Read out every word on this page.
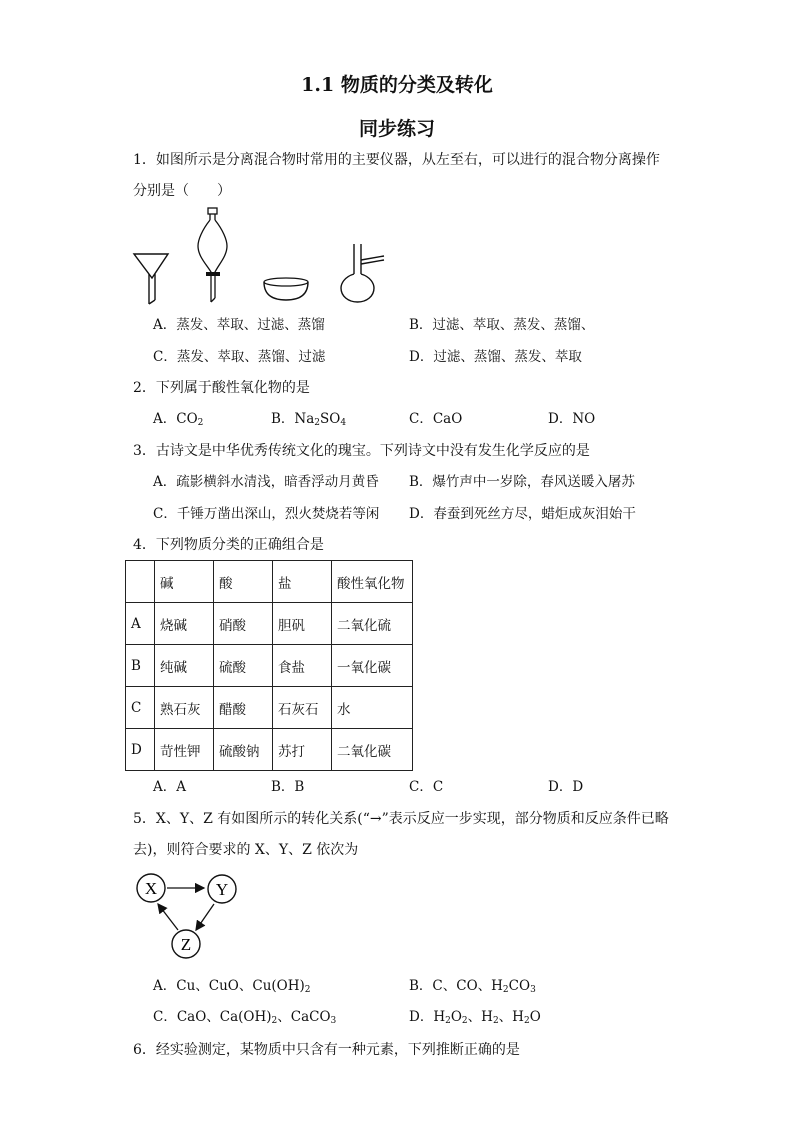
1.1 物质的分类及转化
同步练习
1．如图所示是分离混合物时常用的主要仪器，从左至右，可以进行的混合物分离操作
分别是（　　）
A．蒸发、萃取、过滤、蒸馏	B．过滤、萃取、蒸发、蒸馏、
C．蒸发、萃取、蒸馏、过滤	D．过滤、蒸馏、蒸发、萃取
2．下列属于酸性氧化物的是
A．$CO_2$	B．$Na_2SO_4$	C．CaO	D．NO
3．古诗文是中华优秀传统文化的瑰宝。下列诗文中没有发生化学反应的是
A．疏影横斜水清浅，暗香浮动月黄昏 B．爆竹声中一岁除，春风送暖入屠苏
C．千锤万凿出深山，烈火焚烧若等闲 D．春蚕到死丝方尽，蜡炬成灰泪始干
4．下列物质分类的正确组合是
	碱	酸	盐	酸性氧化物
A	烧碱	硝酸	胆矾	二氧化硫
B	纯碱	硫酸	食盐	一氧化碳
C	熟石灰	醋酸	石灰石	水
D	苛性钾	硫酸钠	苏打	二氧化碳
A．A	B．B	C．C	D．D
5．X、Y、Z 有如图所示的转化关系(“→”表示反应一步实现，部分物质和反应条件已略
去)，则符合要求的 X、Y、Z 依次为
X	Y
Z
A．Cu、CuO、$Cu(OH)_2$	B．C、CO、$H_2CO_3$
C．CaO、$Ca(OH)_2$、CaCO$_3$	D．$H_2O_2$、$H_2$、$H_2O$
6．经实验测定，某物质中只含有一种元素，下列推断正确的是
